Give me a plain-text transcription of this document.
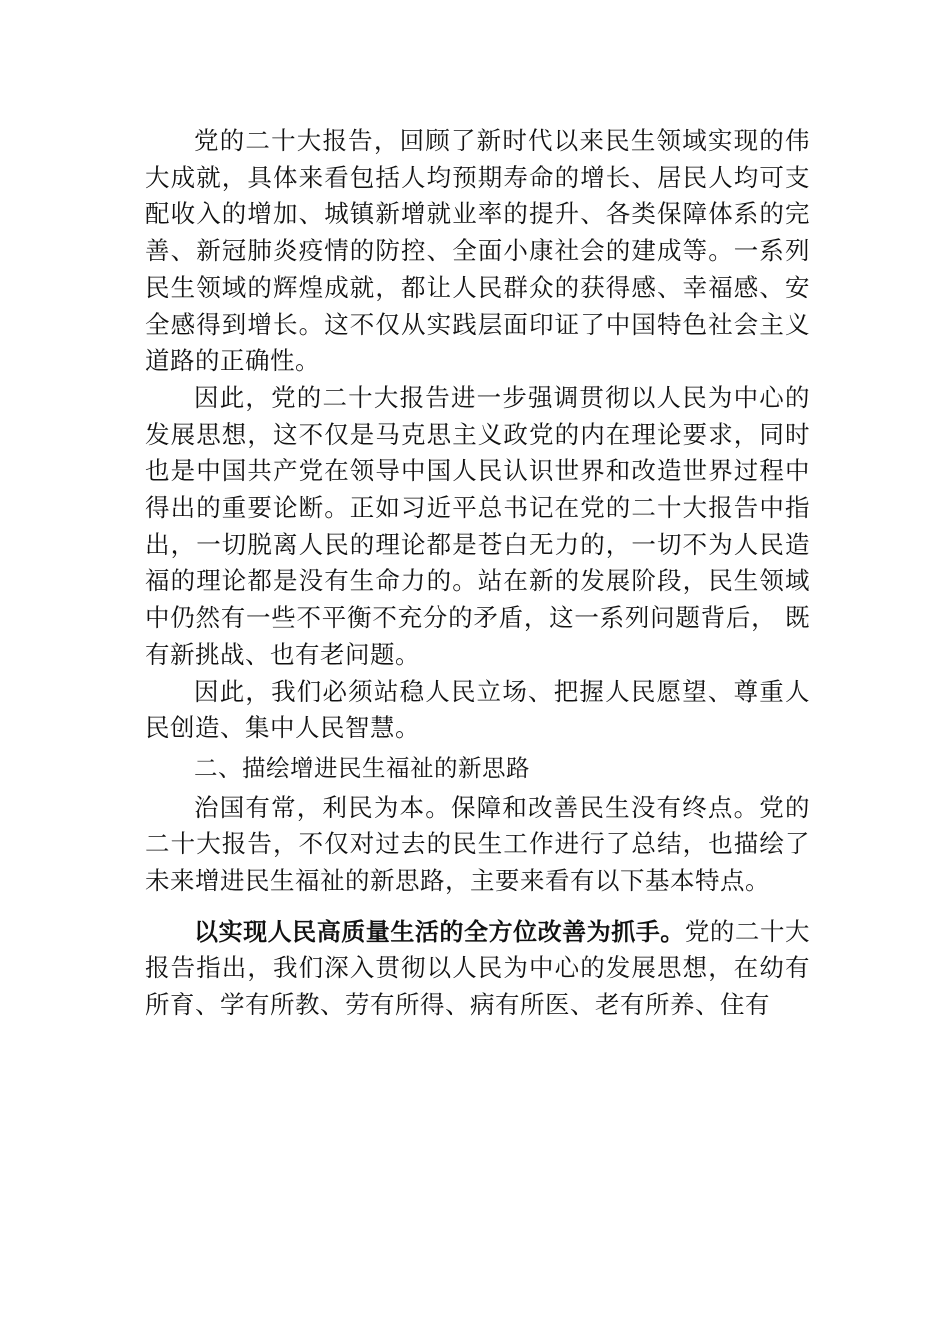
党的二十大报告，回顾了新时代以来民生领域实现的伟大成就，具体来看包括人均预期寿命的增长、居民人均可支配收入的增加、城镇新增就业率的提升、各类保障体系的完善、新冠肺炎疫情的防控、全面小康社会的建成等。一系列民生领域的辉煌成就，都让人民群众的获得感、幸福感、安全感得到增长。这不仅从实践层面印证了中国特色社会主义道路的正确性。

因此，党的二十大报告进一步强调贯彻以人民为中心的发展思想，这不仅是马克思主义政党的内在理论要求，同时也是中国共产党在领导中国人民认识世界和改造世界过程中得出的重要论断。正如习近平总书记在党的二十大报告中指出，一切脱离人民的理论都是苍白无力的，一切不为人民造福的理论都是没有生命力的。站在新的发展阶段，民生领域中仍然有一些不平衡不充分的矛盾，这一系列问题背后， 既有新挑战、也有老问题。

因此，我们必须站稳人民立场、把握人民愿望、尊重人民创造、集中人民智慧。

二、描绘增进民生福祉的新思路

治国有常，利民为本。保障和改善民生没有终点。党的二十大报告，不仅对过去的民生工作进行了总结，也描绘了未来增进民生福祉的新思路，主要来看有以下基本特点。

以实现人民高质量生活的全方位改善为抓手。党的二十大报告指出，我们深入贯彻以人民为中心的发展思想，在幼有所育、学有所教、劳有所得、病有所医、老有所养、住有
